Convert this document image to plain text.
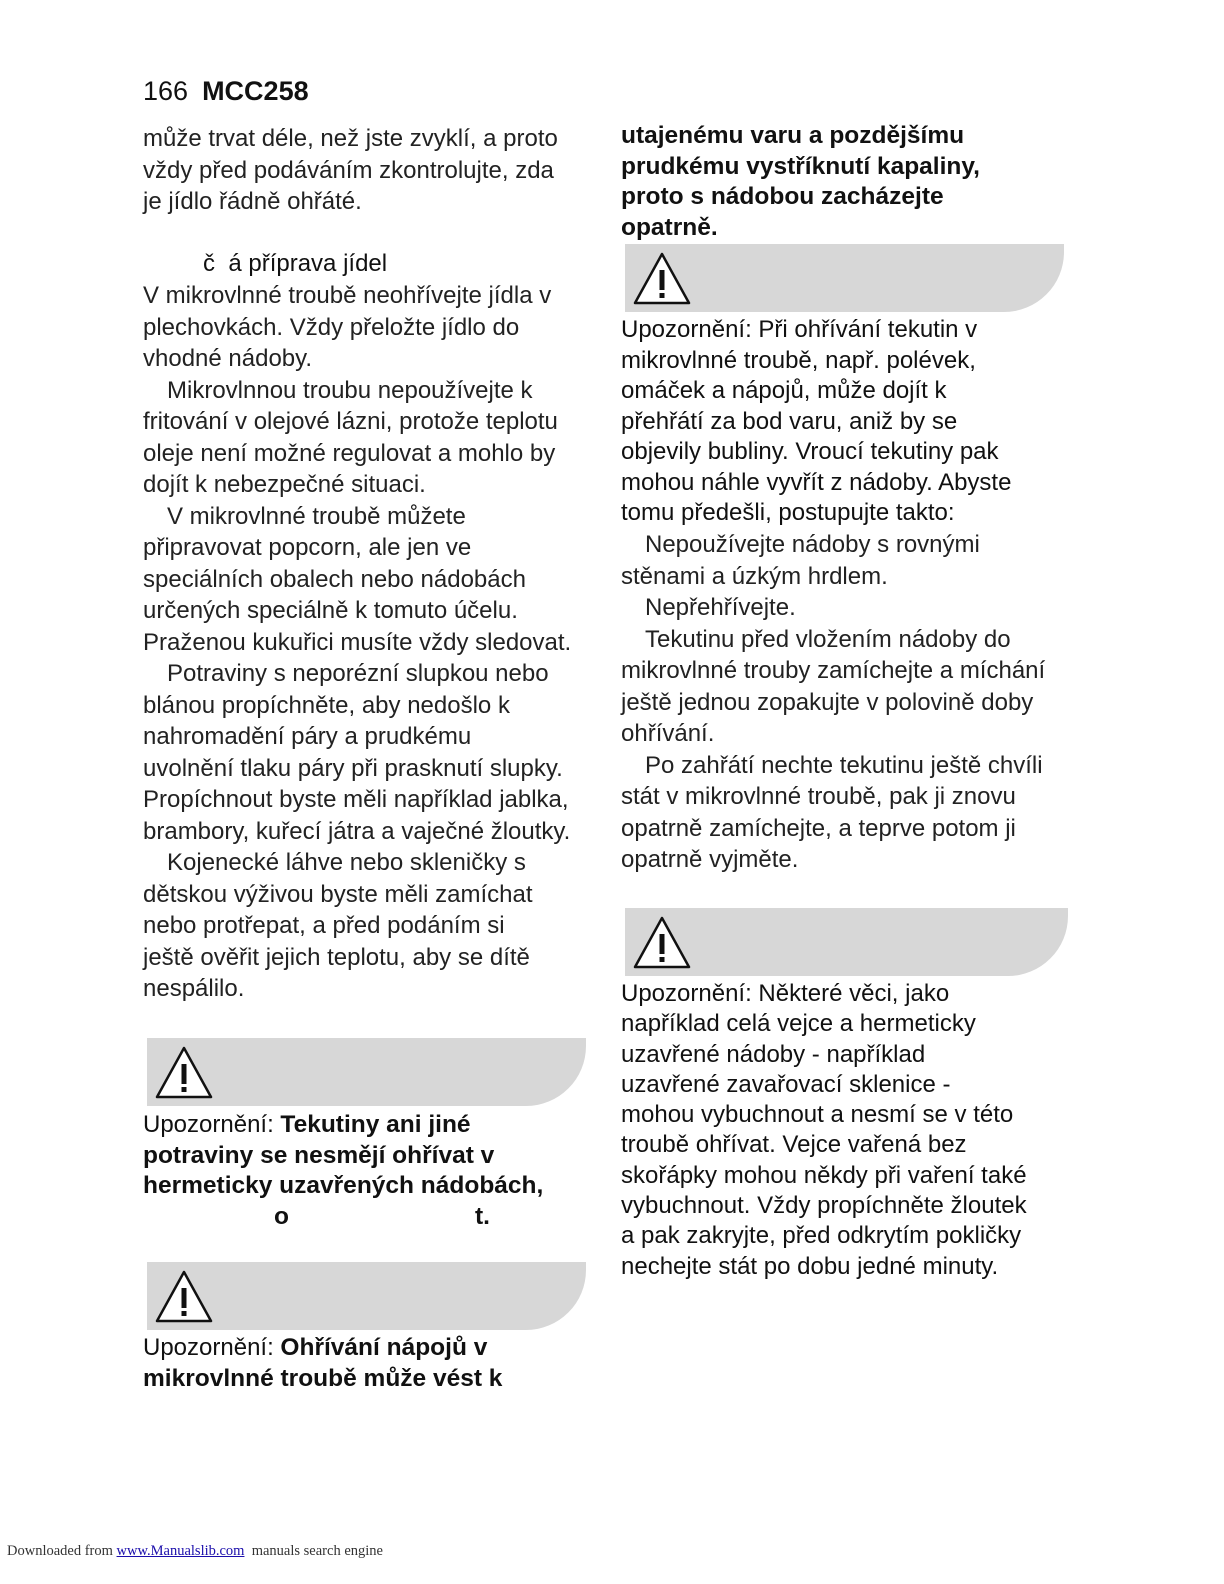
166 MCC258

může trvat déle, než jste zvyklí, a proto

vždy před podáváním zkontrolujte, zda

je jídlo řádně ohřáté.

č  á příprava jídel

V mikrovlnné troubě neohřívejte jídla v

plechovkách. Vždy přeložte jídlo do

vhodné nádoby.

Mikrovlnnou troubu nepoužívejte k

fritování v olejové lázni, protože teplotu

oleje není možné regulovat a mohlo by

dojít k nebezpečné situaci.

V mikrovlnné troubě můžete

připravovat popcorn, ale jen ve

speciálních obalech nebo nádobách

určených speciálně k tomuto účelu.

Praženou kukuřici musíte vždy sledovat.

Potraviny s neporézní slupkou nebo

blánou propíchněte, aby nedošlo k

nahromadění páry a prudkému

uvolnění tlaku páry při prasknutí slupky.

Propíchnout byste měli například jablka,

brambory, kuřecí játra a vaječné žloutky.

Kojenecké láhve nebo skleničky s

dětskou výživou byste měli zamíchat

nebo protřepat, a před podáním si

ještě ověřit jejich teplotu, aby se dítě

nespálilo.

Upozornění: Tekutiny ani jiné

potraviny se nesmějí ohřívat v

hermeticky uzavřených nádobách,

o	t.

Upozornění: Ohřívání nápojů v

mikrovlnné troubě může vést k

utajenému varu a pozdějšímu

prudkému vystříknutí kapaliny,

proto s nádobou zacházejte

opatrně.

Upozornění: Při ohřívání tekutin v

mikrovlnné troubě, např. polévek,

omáček a nápojů, může dojít k

přehřátí za bod varu, aniž by se

objevily bubliny. Vroucí tekutiny pak

mohou náhle vyvřít z nádoby. Abyste

tomu předešli, postupujte takto:

Nepoužívejte nádoby s rovnými

stěnami a úzkým hrdlem.

Nepřehřívejte.

Tekutinu před vložením nádoby do

mikrovlnné trouby zamíchejte a míchání

ještě jednou zopakujte v polovině doby

ohřívání.

Po zahřátí nechte tekutinu ještě chvíli

stát v mikrovlnné troubě, pak ji znovu

opatrně zamíchejte, a teprve potom ji

opatrně vyjměte.

Upozornění: Některé věci, jako

například celá vejce a hermeticky

uzavřené nádoby - například

uzavřené zavařovací sklenice -

mohou vybuchnout a nesmí se v této

troubě ohřívat. Vejce vařená bez

skořápky mohou někdy při vaření také

vybuchnout. Vždy propíchněte žloutek

a pak zakryjte, před odkrytím pokličky

nechejte stát po dobu jedné minuty.

Downloaded from www.Manualslib.com  manuals search engine
